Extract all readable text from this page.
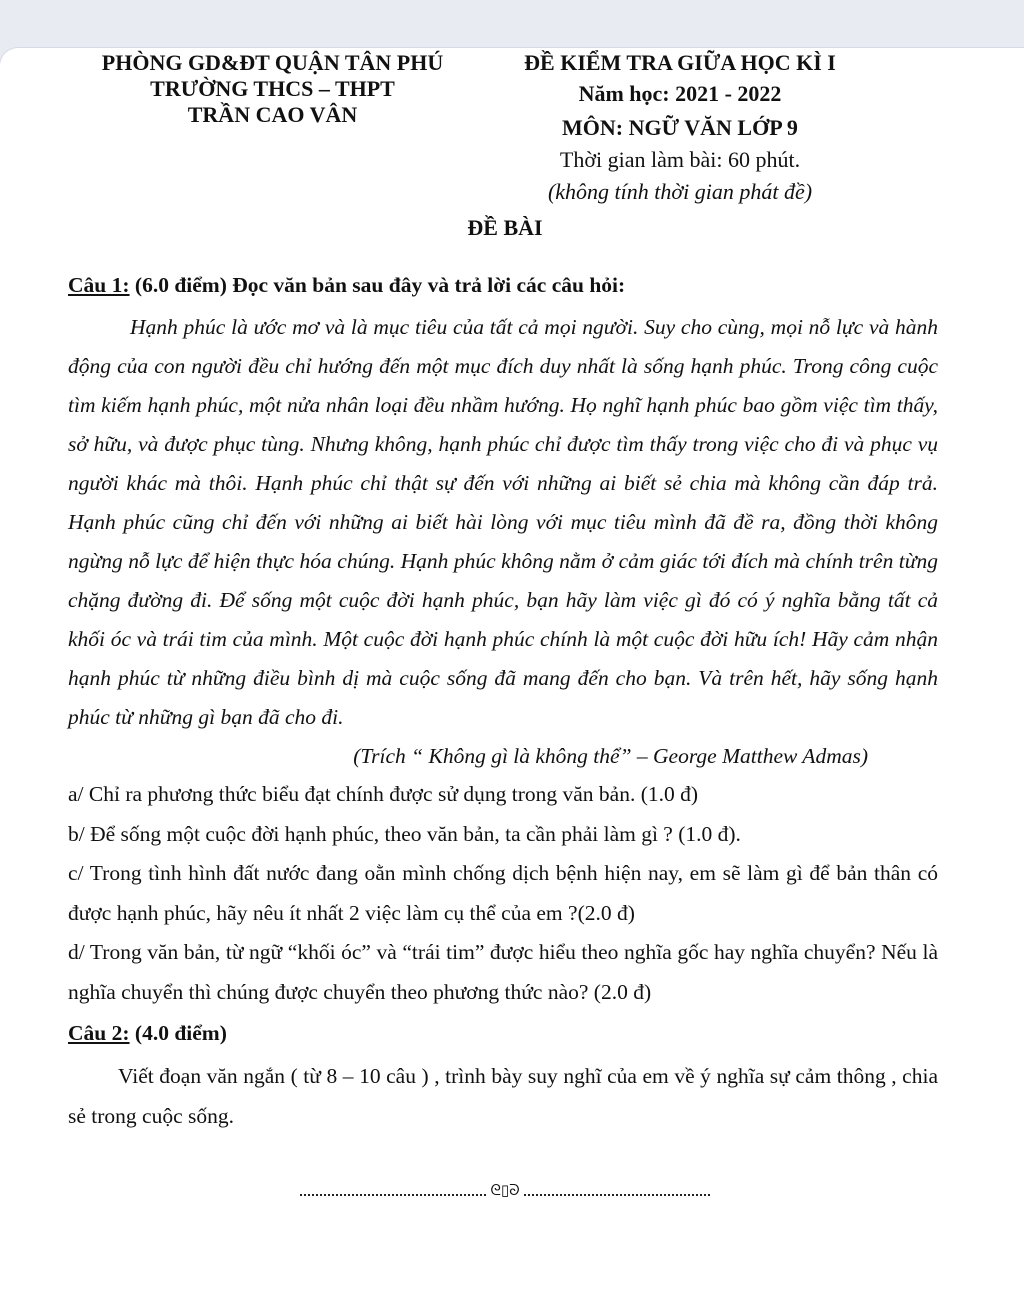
PHÒNG GD&ĐT QUẬN TÂN PHÚ
TRƯỜNG THCS – THPT
TRẦN CAO VÂN
ĐỀ KIỂM TRA GIỮA HỌC KÌ I
Năm học: 2021 - 2022
MÔN: NGỮ VĂN LỚP 9
Thời gian làm bài: 60 phút.
(không tính thời gian phát đề)
ĐỀ BÀI
Câu 1: (6.0 điểm) Đọc văn bản sau đây và trả lời các câu hỏi:
Hạnh phúc là ước mơ và là mục tiêu của tất cả mọi người. Suy cho cùng, mọi nỗ lực và hành động của con người đều chỉ hướng đến một mục đích duy nhất là sống hạnh phúc. Trong công cuộc tìm kiếm hạnh phúc, một nửa nhân loại đều nhầm hướng. Họ nghĩ hạnh phúc bao gồm việc tìm thấy, sở hữu, và được phục tùng. Nhưng không, hạnh phúc chỉ được tìm thấy trong việc cho đi và phục vụ người khác mà thôi. Hạnh phúc chỉ thật sự đến với những ai biết sẻ chia mà không cần đáp trả. Hạnh phúc cũng chỉ đến với những ai biết hài lòng với mục tiêu mình đã đề ra, đồng thời không ngừng nỗ lực để hiện thực hóa chúng. Hạnh phúc không nằm ở cảm giác tới đích mà chính trên từng chặng đường đi. Để sống một cuộc đời hạnh phúc, bạn hãy làm việc gì đó có ý nghĩa bằng tất cả khối óc và trái tim của mình. Một cuộc đời hạnh phúc chính là một cuộc đời hữu ích! Hãy cảm nhận hạnh phúc từ những điều bình dị mà cuộc sống đã mang đến cho bạn. Và trên hết, hãy sống hạnh phúc từ những gì bạn đã cho đi.
(Trích “ Không gì là không thể” – George Matthew Admas)
a/ Chỉ ra phương thức biểu đạt chính được sử dụng trong văn bản. (1.0 đ)
b/ Để sống một cuộc đời hạnh phúc, theo văn bản, ta cần phải làm gì ? (1.0 đ).
c/ Trong tình hình đất nước đang oằn mình chống dịch bệnh hiện nay, em sẽ làm gì để bản thân có được hạnh phúc, hãy nêu ít nhất 2 việc làm cụ thể của em ?(2.0 đ)
d/ Trong văn bản, từ ngữ “khối óc” và “trái tim” được hiểu theo nghĩa gốc hay nghĩa chuyển? Nếu là nghĩa chuyển thì chúng được chuyển theo phương thức nào? (2.0 đ)
Câu 2: (4.0 điểm)
Viết đoạn văn ngắn ( từ 8 – 10 câu ) , trình bày suy nghĩ của em về ý nghĩa sự cảm thông , chia sẻ trong cuộc sống.
ᘓ▯ᘐ
